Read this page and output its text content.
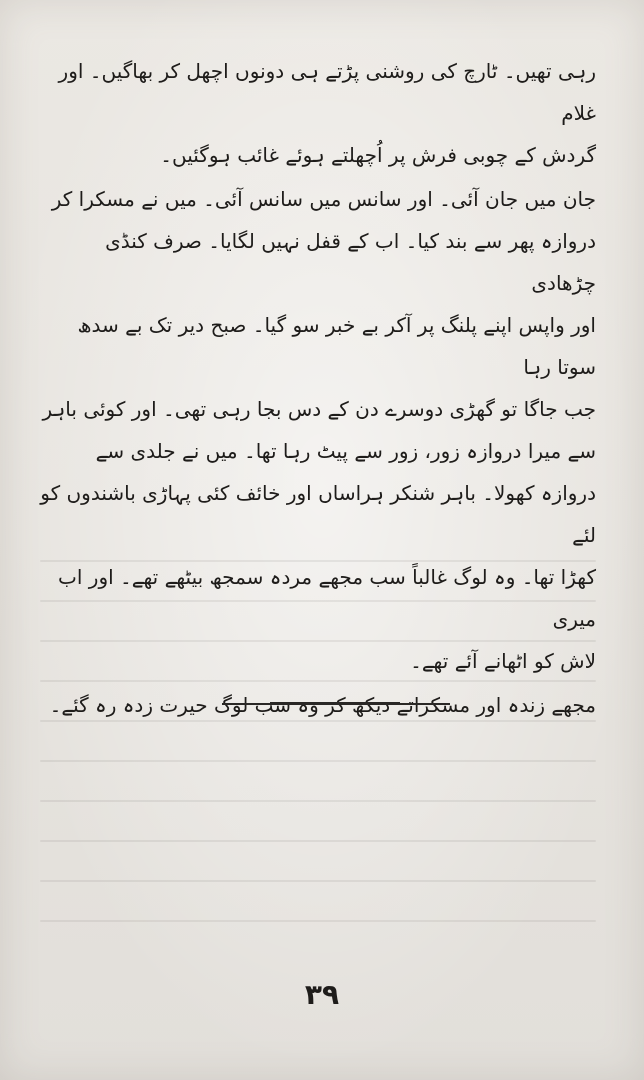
رہی تھیں۔ ٹارچ کی روشنی پڑتے ہی دونوں اچھل کر بھاگیں۔ اور غلام
گردش کے چوبی فرش پر اُچھلتے ہوئے غائب ہوگئیں۔

جان میں جان آئی۔ اور سانس میں سانس آئی۔ میں نے مسکرا کر
دروازہ پھر سے بند کیا۔ اب کے قفل نہیں لگایا۔ صرف کنڈی چڑھادی
اور واپس اپنے پلنگ پر آکر بے خبر سو گیا۔ صبح دیر تک بے سدھ سوتا رہا
جب جاگا تو گھڑی دوسرے دن کے دس بجا رہی تھی۔ اور کوئی باہر
سے میرا دروازہ زور، زور سے پیٹ رہا تھا۔ میں نے جلدی سے
دروازہ کھولا۔ باہر شنکر ہراساں اور خائف کئی پہاڑی باشندوں کو لئے
کھڑا تھا۔ وہ لوگ غالباً سب مجھے مردہ سمجھ بیٹھے تھے۔ اور اب میری
لاش کو اٹھانے آئے تھے۔

مجھے زندہ اور مسکراتے دیکھ کر وہ سب لوگ حیرت زدہ رہ گئے۔

۳۹
